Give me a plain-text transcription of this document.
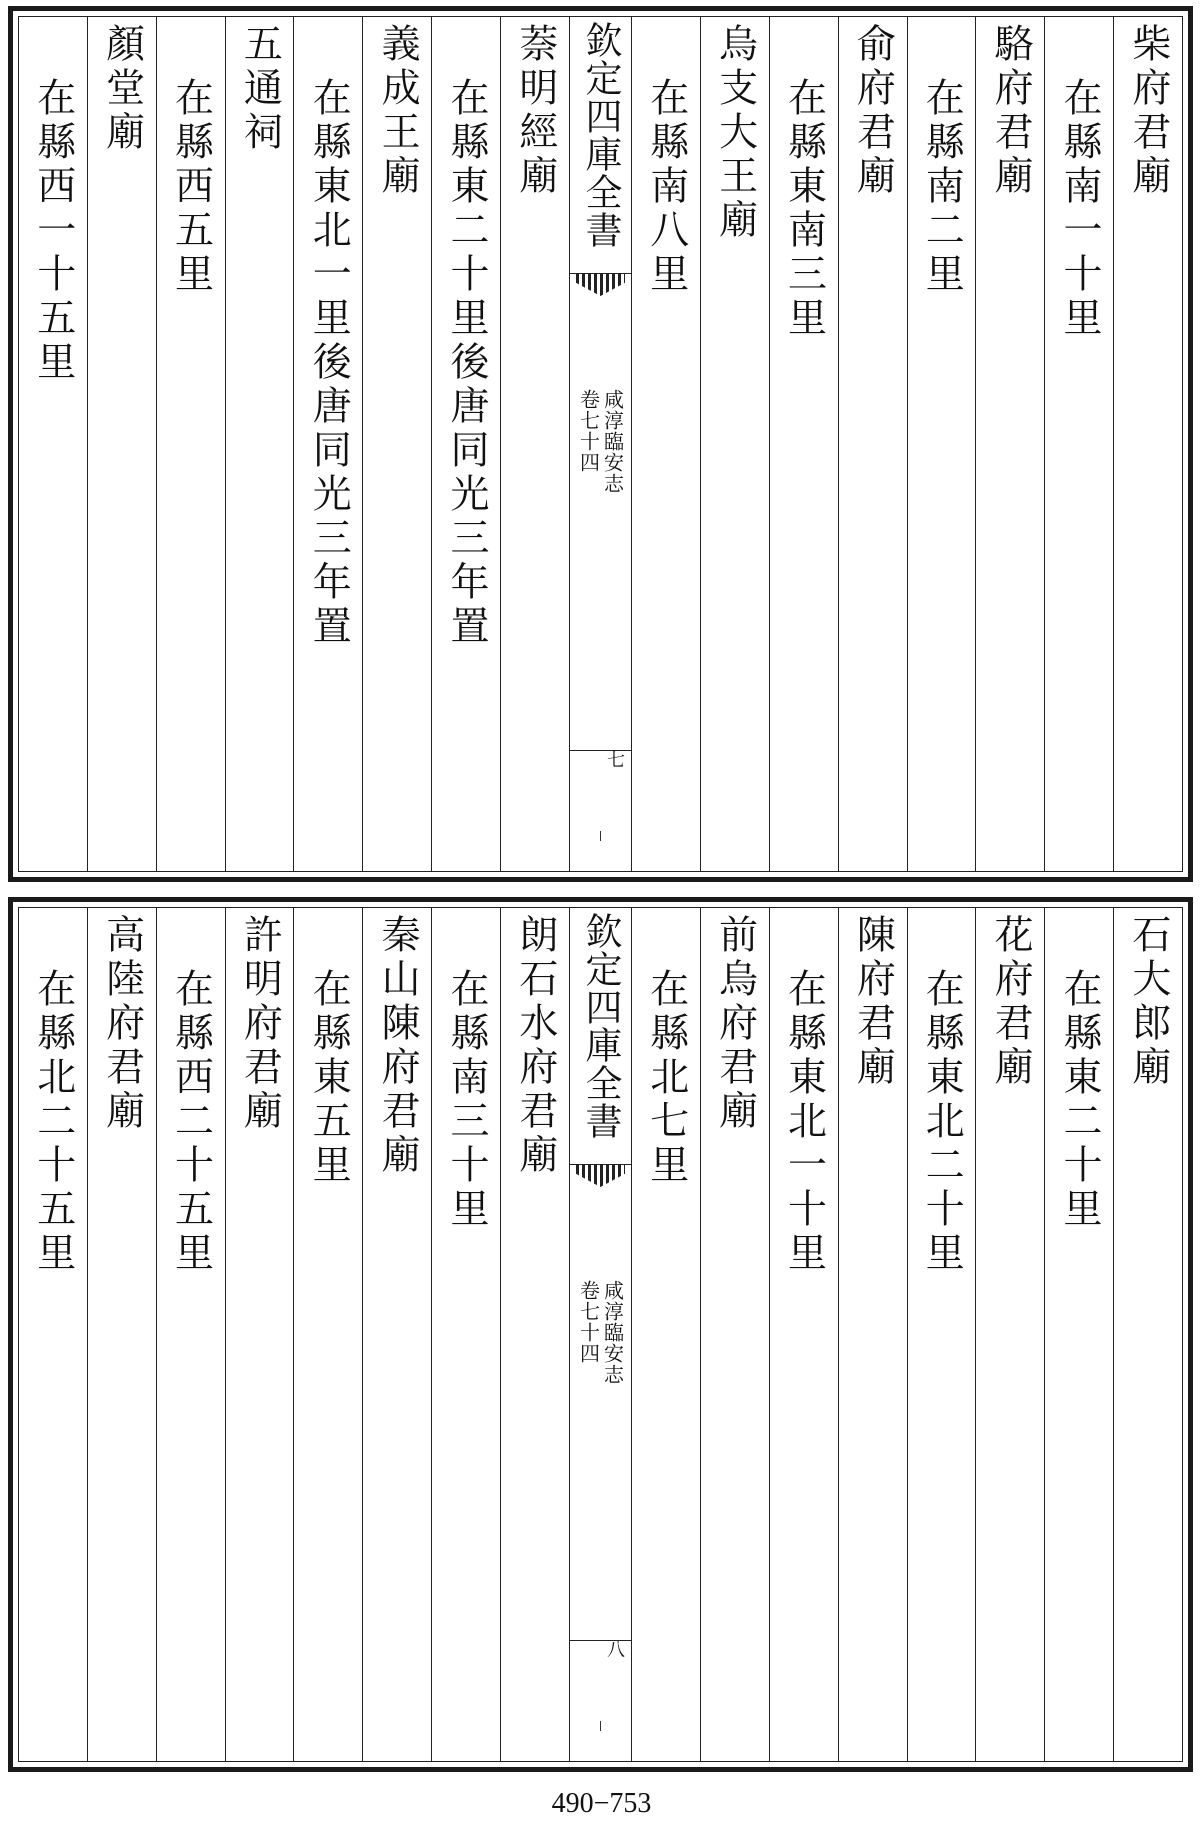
柴府君廟
在縣南一十里
駱府君廟
在縣南二里
俞府君廟
在縣東南三里
烏支大王廟
在縣南八里
欽定四庫全書
咸淳臨安志
卷七十四
七
萘明經廟
在縣東二十里後唐同光三年置
義成王廟
在縣東北一里後唐同光三年置
五通祠
在縣西五里
顏堂廟
在縣西一十五里
石大郎廟
在縣東二十里
花府君廟
在縣東北二十里
陳府君廟
在縣東北一十里
前烏府君廟
在縣北七里
欽定四庫全書
咸淳臨安志
卷七十四
八
朗石水府君廟
在縣南三十里
秦山陳府君廟
在縣東五里
許明府君廟
在縣西二十五里
高陸府君廟
在縣北二十五里
490−753
